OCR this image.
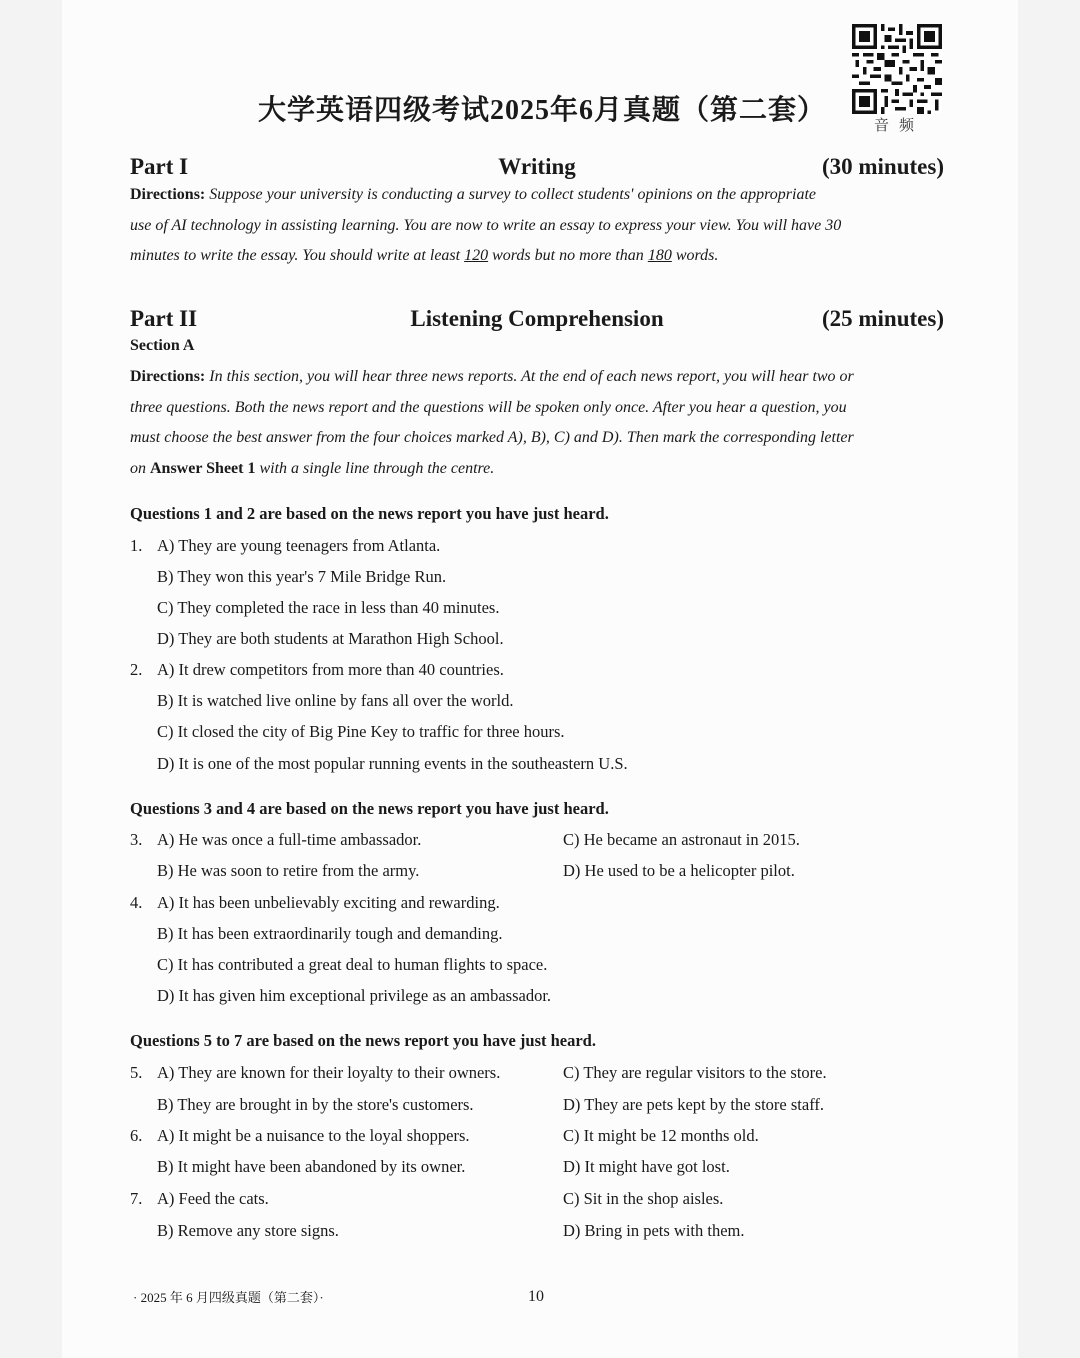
音频
大学英语四级考试2025年6月真题（第二套）
Part I	Writing	(30 minutes)
Directions: Suppose your university is conducting a survey to collect students' opinions on the appropriate
use of AI technology in assisting learning. You are now to write an essay to express your view. You will have 30
minutes to write the essay. You should write at least 120 words but no more than 180 words.
Part II	Listening Comprehension	(25 minutes)
Section A
Directions: In this section, you will hear three news reports. At the end of each news report, you will hear two or
three questions. Both the news report and the questions will be spoken only once. After you hear a question, you
must choose the best answer from the four choices marked A), B), C) and D). Then mark the corresponding letter
on Answer Sheet 1 with a single line through the centre.
Questions 1 and 2 are based on the news report you have just heard.
Questions 3 and 4 are based on the news report you have just heard.
Questions 5 to 7 are based on the news report you have just heard.
1. A) They are young teenagers from Atlanta.
B) They won this year's 7 Mile Bridge Run.
C) They completed the race in less than 40 minutes.
D) They are both students at Marathon High School.
2. A) It drew competitors from more than 40 countries.
B) It is watched live online by fans all over the world.
C) It closed the city of Big Pine Key to traffic for three hours.
D) It is one of the most popular running events in the southeastern U.S.
3. A) He was once a full-time ambassador.	C) He became an astronaut in 2015.
B) He was soon to retire from the army.	D) He used to be a helicopter pilot.
4. A) It has been unbelievably exciting and rewarding.
B) It has been extraordinarily tough and demanding.
C) It has contributed a great deal to human flights to space.
D) It has given him exceptional privilege as an ambassador.
5. A) They are known for their loyalty to their owners.	C) They are regular visitors to the store.
B) They are brought in by the store's customers.	D) They are pets kept by the store staff.
6. A) It might be a nuisance to the loyal shoppers.	C) It might be 12 months old.
B) It might have been abandoned by its owner.	D) It might have got lost.
7. A) Feed the cats.	C) Sit in the shop aisles.
B) Remove any store signs.	D) Bring in pets with them.
· 2025 年 6 月四级真题（第二套）·	10
